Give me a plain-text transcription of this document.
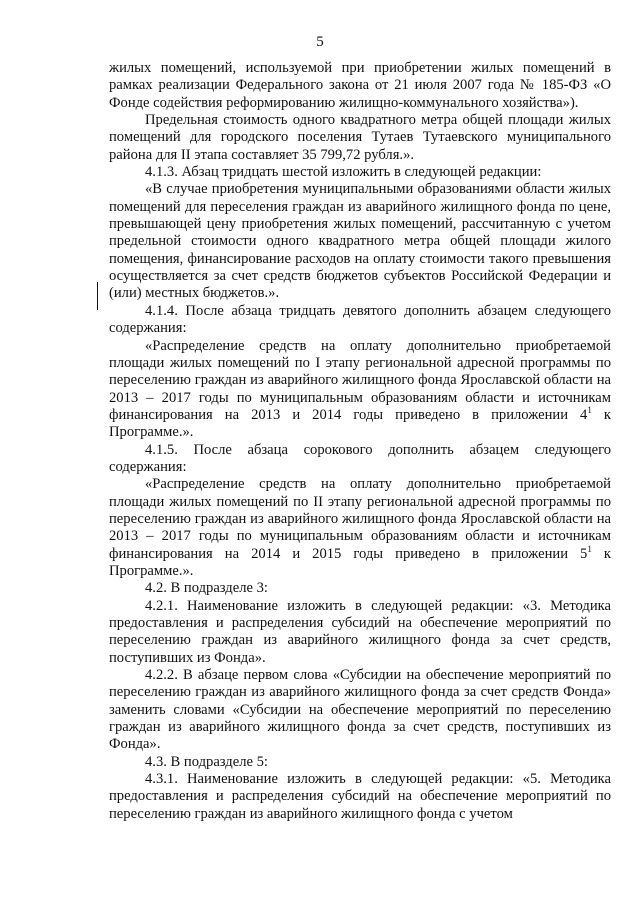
5

жилых помещений, используемой при приобретении жилых помещений в рамках реализации Федерального закона от 21 июля 2007 года № 185-ФЗ «О Фонде содействия реформированию жилищно-коммунального хозяйства»).

Предельная стоимость одного квадратного метра общей площади жилых помещений для городского поселения Тутаев Тутаевского муниципального района для II этапа составляет 35 799,72 рубля.».

4.1.3. Абзац тридцать шестой изложить в следующей редакции:

«В случае приобретения муниципальными образованиями области жилых помещений для переселения граждан из аварийного жилищного фонда по цене, превышающей цену приобретения жилых помещений, рассчитанную с учетом предельной стоимости одного квадратного метра общей площади жилого помещения, финансирование расходов на оплату стоимости такого превышения осуществляется за счет средств бюджетов субъектов Российской Федерации и (или) местных бюджетов.».

4.1.4. После абзаца тридцать девятого дополнить абзацем следующего содержания:

«Распределение средств на оплату дополнительно приобретаемой площади жилых помещений по I этапу региональной адресной программы по переселению граждан из аварийного жилищного фонда Ярославской области на 2013 – 2017 годы по муниципальным образованиям области и источникам финансирования на 2013 и 2014 годы приведено в приложении $4^1$ к Программе.».

4.1.5. После абзаца сорокового дополнить абзацем следующего содержания:

«Распределение средств на оплату дополнительно приобретаемой площади жилых помещений по II этапу региональной адресной программы по переселению граждан из аварийного жилищного фонда Ярославской области на 2013 – 2017 годы по муниципальным образованиям области и источникам финансирования на 2014 и 2015 годы приведено в приложении $5^1$ к Программе.».

4.2. В подразделе 3:

4.2.1. Наименование изложить в следующей редакции: «3. Методика предоставления и распределения субсидий на обеспечение мероприятий по переселению граждан из аварийного жилищного фонда за счет средств, поступивших из Фонда».

4.2.2. В абзаце первом слова «Субсидии на обеспечение мероприятий по переселению граждан из аварийного жилищного фонда за счет средств Фонда» заменить словами «Субсидии на обеспечение мероприятий по переселению граждан из аварийного жилищного фонда за счет средств, поступивших из Фонда».

4.3. В подразделе 5:

4.3.1. Наименование изложить в следующей редакции: «5. Методика предоставления и распределения субсидий на обеспечение мероприятий по переселению граждан из аварийного жилищного фонда с учетом
